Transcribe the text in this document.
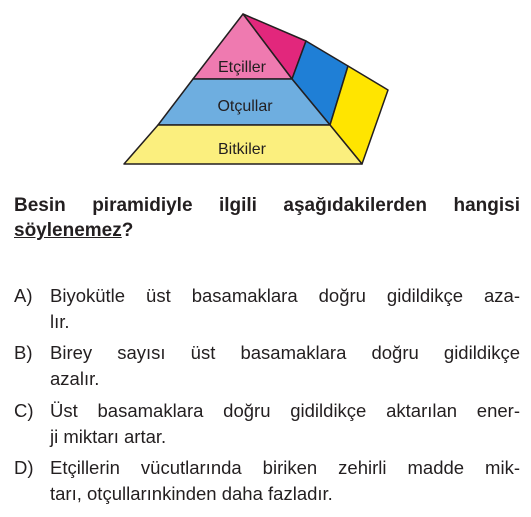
Etçiller
Otçullar
Bitkiler
Besin piramidiyle ilgili aşağıdakilerden hangisi
söylenemez?
A) Biyokütle üst basamaklara doğru gidildikçe aza-
lır.
B) Birey sayısı üst basamaklara doğru gidildikçe
azalır.
C) Üst basamaklara doğru gidildikçe aktarılan ener-
ji miktarı artar.
D) Etçillerin vücutlarında biriken zehirli madde mik-
tarı, otçullarınkinden daha fazladır.
